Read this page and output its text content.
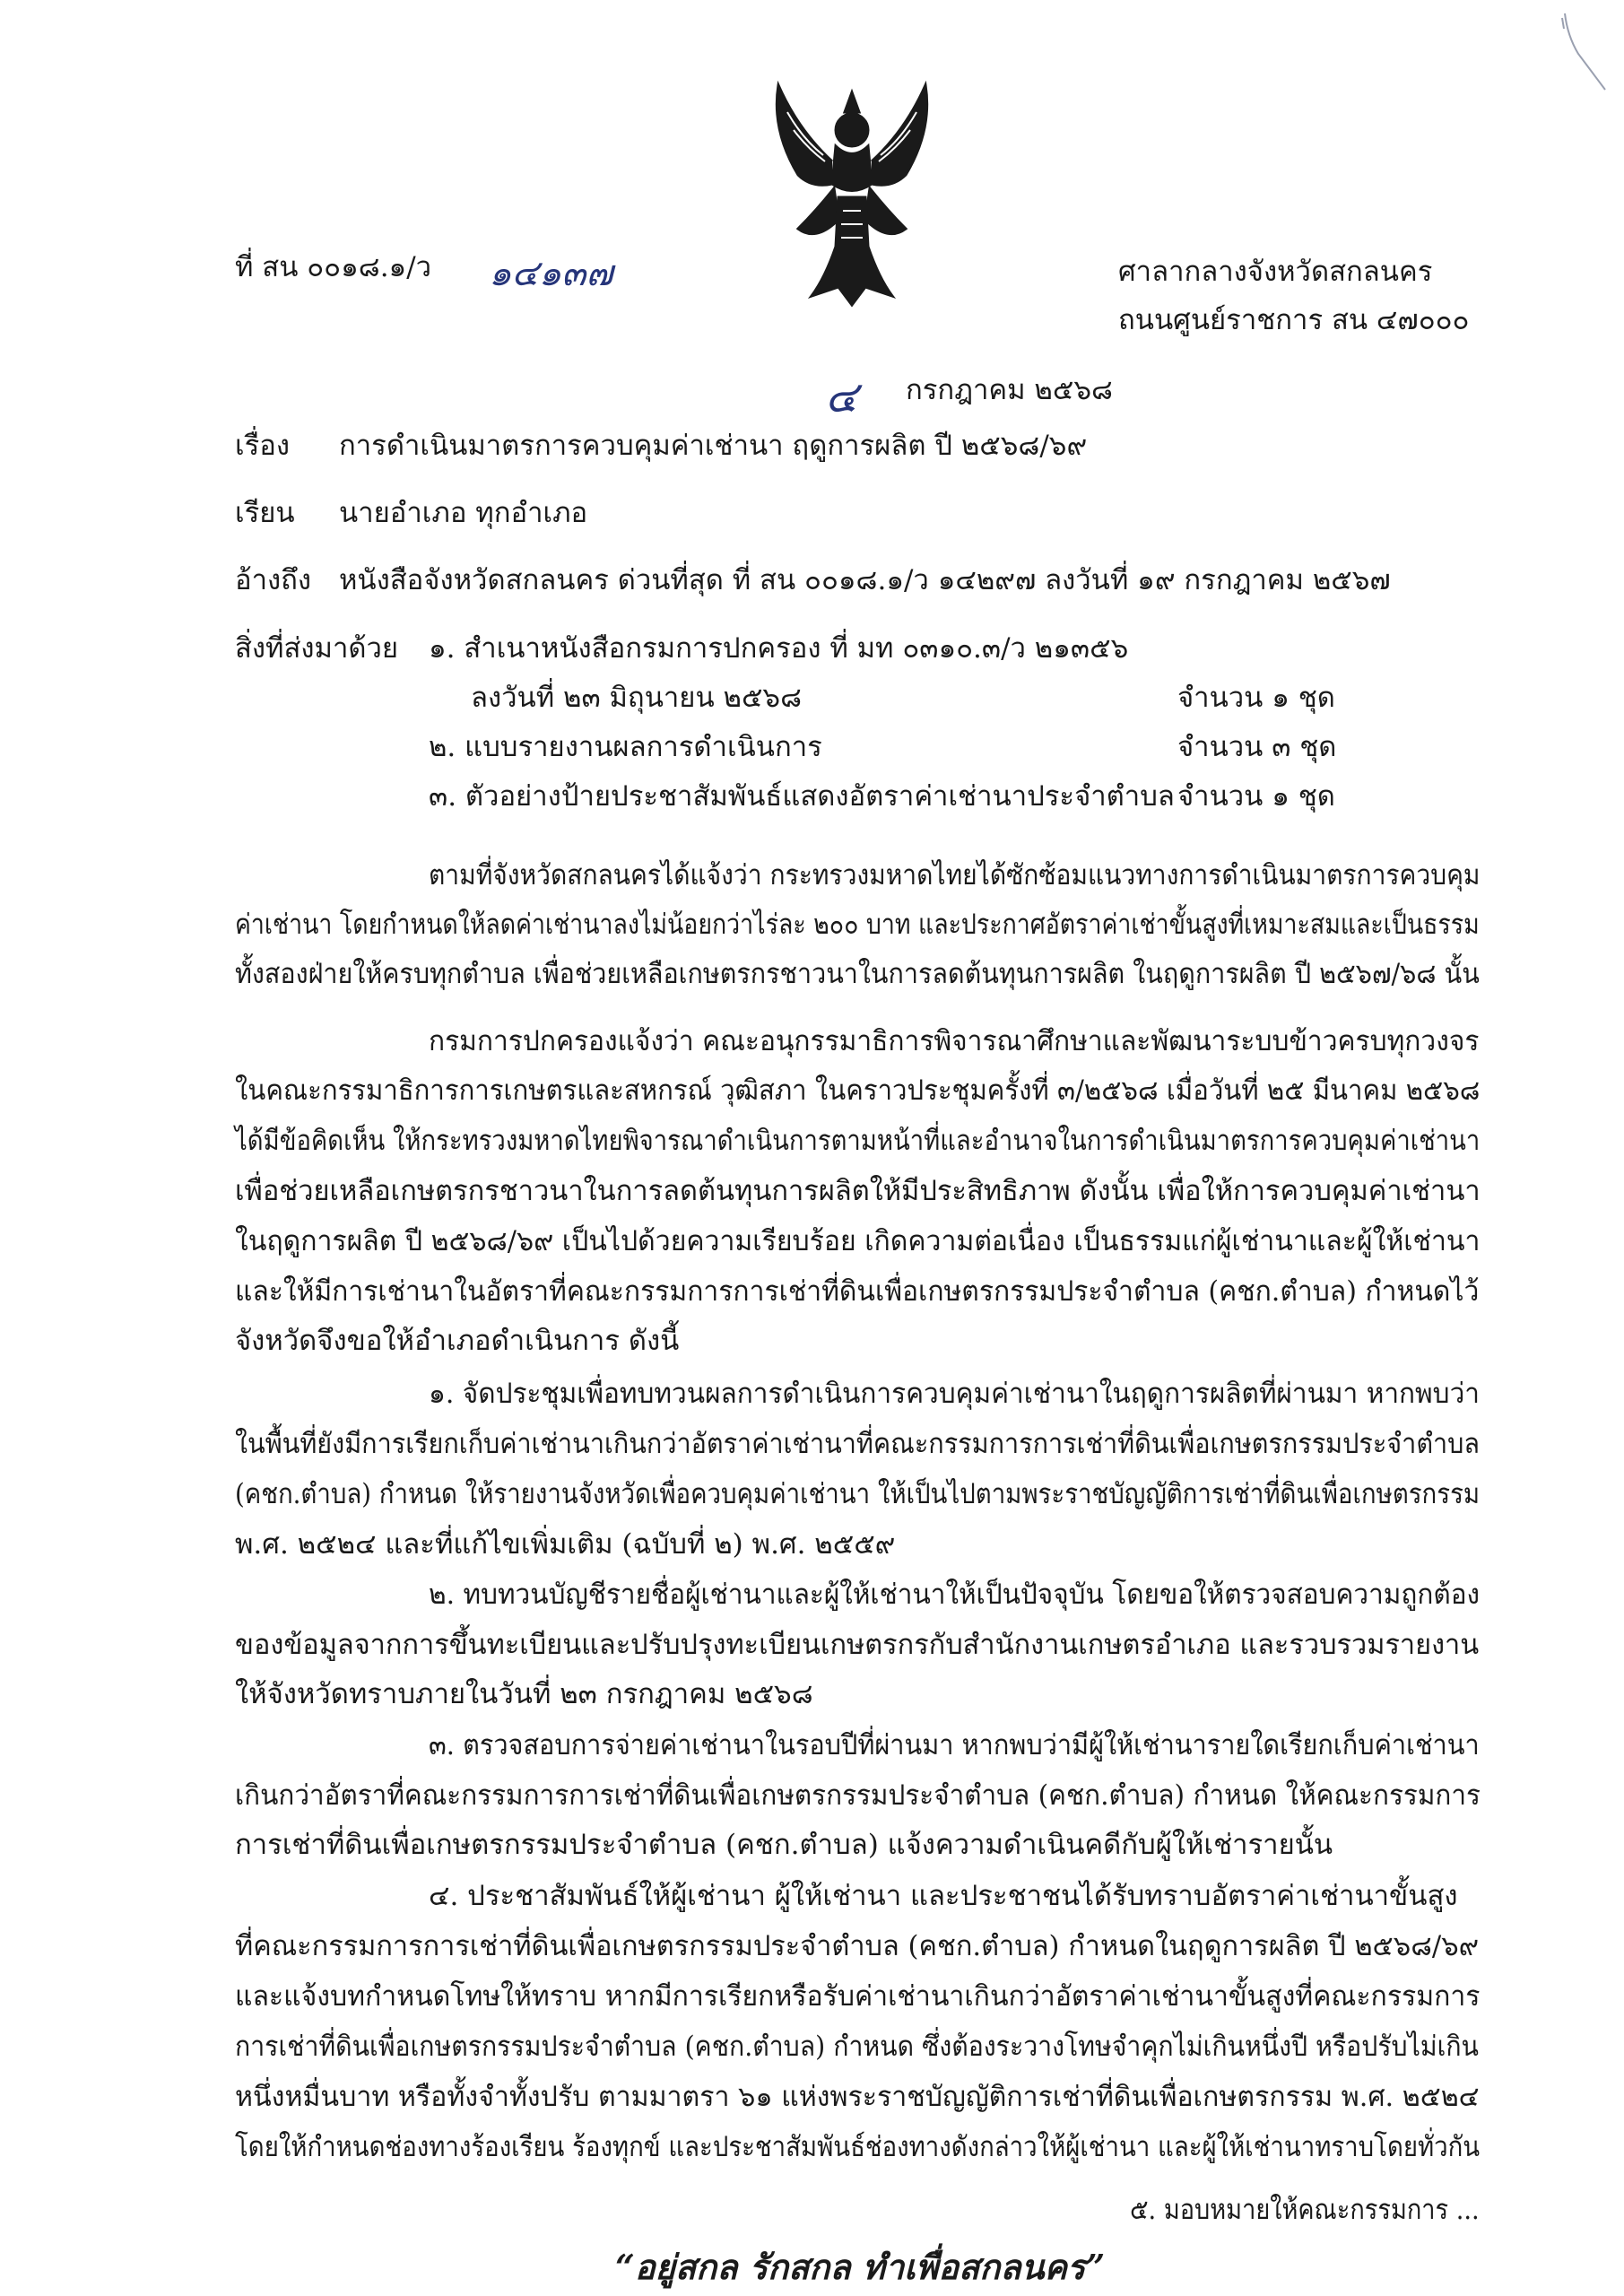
ที่ สน ๐๐๑๘.๑/ว ๑๔๑๓๗	ศาลากลางจังหวัดสกลนคร
ถนนศูนย์ราชการ สน ๔๗๐๐๐
๔ กรกฎาคม ๒๕๖๘
เรื่อง การดำเนินมาตรการควบคุมค่าเช่านา ฤดูการผลิต ปี ๒๕๖๘/๖๙
เรียน นายอำเภอ ทุกอำเภอ
อ้างถึง หนังสือจังหวัดสกลนคร ด่วนที่สุด ที่ สน ๐๐๑๘.๑/ว ๑๔๒๙๗ ลงวันที่ ๑๙ กรกฎาคม ๒๕๖๗
สิ่งที่ส่งมาด้วย ๑. สำเนาหนังสือกรมการปกครอง ที่ มท ๐๓๑๐.๓/ว ๒๑๓๕๖
ลงวันที่ ๒๓ มิถุนายน ๒๕๖๘	จำนวน ๑ ชุด
๒. แบบรายงานผลการดำเนินการ	จำนวน ๓ ชุด
๓. ตัวอย่างป้ายประชาสัมพันธ์แสดงอัตราค่าเช่านาประจำตำบล จำนวน ๑ ชุด
ตามที่จังหวัดสกลนครได้แจ้งว่า กระทรวงมหาดไทยได้ซักซ้อมแนวทางการดำเนินมาตรการควบคุม
ค่าเช่านา โดยกำหนดให้ลดค่าเช่านาลงไม่น้อยกว่าไร่ละ ๒๐๐ บาท และประกาศอัตราค่าเช่าขั้นสูงที่เหมาะสมและเป็นธรรม
ทั้งสองฝ่ายให้ครบทุกตำบล เพื่อช่วยเหลือเกษตรกรชาวนาในการลดต้นทุนการผลิต ในฤดูการผลิต ปี ๒๕๖๗/๖๘ นั้น
กรมการปกครองแจ้งว่า คณะอนุกรรมาธิการพิจารณาศึกษาและพัฒนาระบบข้าวครบทุกวงจร
ในคณะกรรมาธิการการเกษตรและสหกรณ์ วุฒิสภา ในคราวประชุมครั้งที่ ๓/๒๕๖๘ เมื่อวันที่ ๒๕ มีนาคม ๒๕๖๘
ได้มีข้อคิดเห็น ให้กระทรวงมหาดไทยพิจารณาดำเนินการตามหน้าที่และอำนาจในการดำเนินมาตรการควบคุมค่าเช่านา
เพื่อช่วยเหลือเกษตรกรชาวนาในการลดต้นทุนการผลิตให้มีประสิทธิภาพ ดังนั้น เพื่อให้การควบคุมค่าเช่านา
ในฤดูการผลิต ปี ๒๕๖๘/๖๙ เป็นไปด้วยความเรียบร้อย เกิดความต่อเนื่อง เป็นธรรมแก่ผู้เช่านาและผู้ให้เช่านา
และให้มีการเช่านาในอัตราที่คณะกรรมการการเช่าที่ดินเพื่อเกษตรกรรมประจำตำบล (คชก.ตำบล) กำหนดไว้
จังหวัดจึงขอให้อำเภอดำเนินการ ดังนี้
๑. จัดประชุมเพื่อทบทวนผลการดำเนินการควบคุมค่าเช่านาในฤดูการผลิตที่ผ่านมา หากพบว่า
ในพื้นที่ยังมีการเรียกเก็บค่าเช่านาเกินกว่าอัตราค่าเช่านาที่คณะกรรมการการเช่าที่ดินเพื่อเกษตรกรรมประจำตำบล
(คชก.ตำบล) กำหนด ให้รายงานจังหวัดเพื่อควบคุมค่าเช่านา ให้เป็นไปตามพระราชบัญญัติการเช่าที่ดินเพื่อเกษตรกรรม
พ.ศ. ๒๕๒๔ และที่แก้ไขเพิ่มเติม (ฉบับที่ ๒) พ.ศ. ๒๕๕๙
๒. ทบทวนบัญชีรายชื่อผู้เช่านาและผู้ให้เช่านาให้เป็นปัจจุบัน โดยขอให้ตรวจสอบความถูกต้อง
ของข้อมูลจากการขึ้นทะเบียนและปรับปรุงทะเบียนเกษตรกรกับสำนักงานเกษตรอำเภอ และรวบรวมรายงาน
ให้จังหวัดทราบภายในวันที่ ๒๓ กรกฎาคม ๒๕๖๘
๓. ตรวจสอบการจ่ายค่าเช่านาในรอบปีที่ผ่านมา หากพบว่ามีผู้ให้เช่านารายใดเรียกเก็บค่าเช่านา
เกินกว่าอัตราที่คณะกรรมการการเช่าที่ดินเพื่อเกษตรกรรมประจำตำบล (คชก.ตำบล) กำหนด ให้คณะกรรมการ
การเช่าที่ดินเพื่อเกษตรกรรมประจำตำบล (คชก.ตำบล) แจ้งความดำเนินคดีกับผู้ให้เช่ารายนั้น
๔. ประชาสัมพันธ์ให้ผู้เช่านา ผู้ให้เช่านา และประชาชนได้รับทราบอัตราค่าเช่านาขั้นสูง
ที่คณะกรรมการการเช่าที่ดินเพื่อเกษตรกรรมประจำตำบล (คชก.ตำบล) กำหนดในฤดูการผลิต ปี ๒๕๖๘/๖๙
และแจ้งบทกำหนดโทษให้ทราบ หากมีการเรียกหรือรับค่าเช่านาเกินกว่าอัตราค่าเช่านาขั้นสูงที่คณะกรรมการ
การเช่าที่ดินเพื่อเกษตรกรรมประจำตำบล (คชก.ตำบล) กำหนด ซึ่งต้องระวางโทษจำคุกไม่เกินหนึ่งปี หรือปรับไม่เกิน
หนึ่งหมื่นบาท หรือทั้งจำทั้งปรับ ตามมาตรา ๖๑ แห่งพระราชบัญญัติการเช่าที่ดินเพื่อเกษตรกรรม พ.ศ. ๒๕๒๔
โดยให้กำหนดช่องทางร้องเรียน ร้องทุกข์ และประชาสัมพันธ์ช่องทางดังกล่าวให้ผู้เช่านา และผู้ให้เช่านาทราบโดยทั่วกัน
๕. มอบหมายให้คณะกรรมการ ...
“อยู่สกล รักสกล ทำเพื่อสกลนคร”
